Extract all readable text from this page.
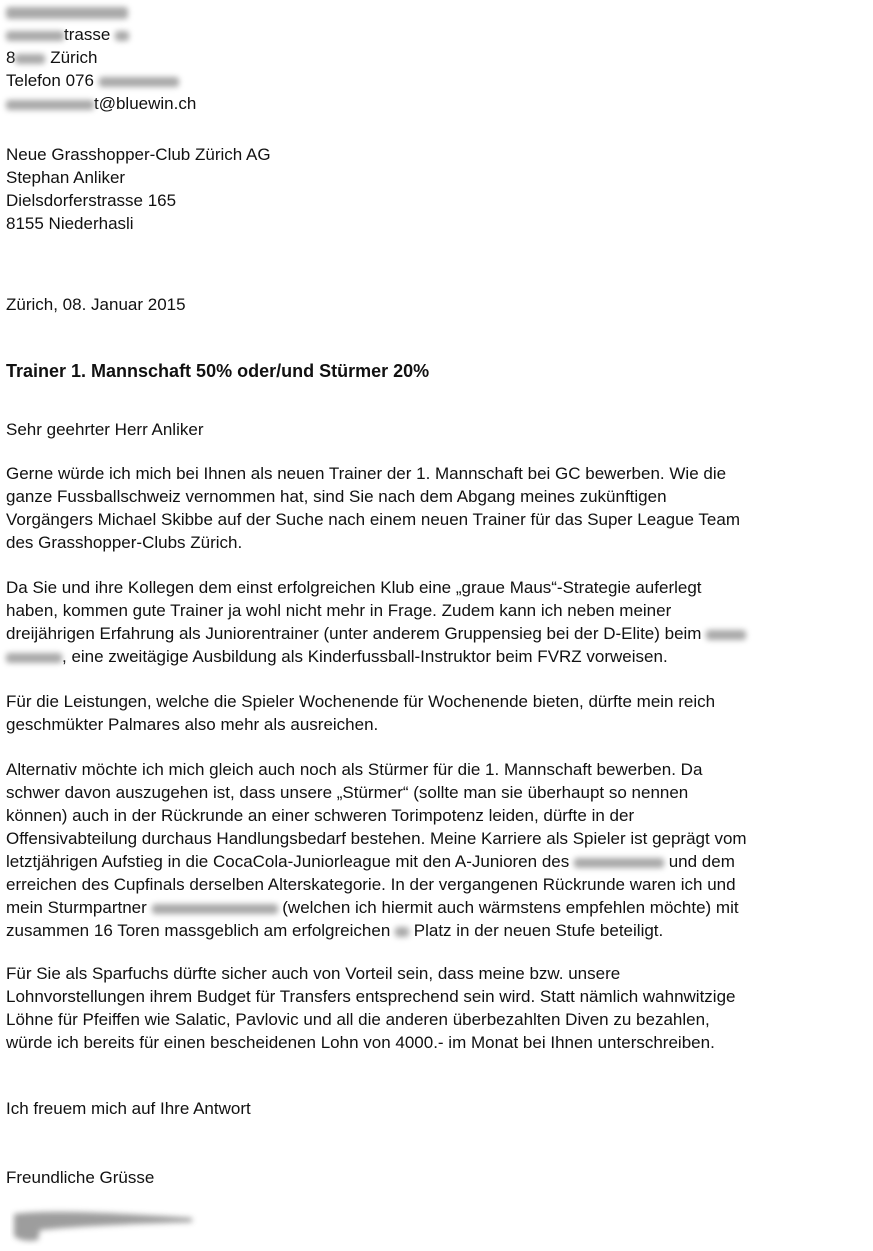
trasse
8 Zürich
Telefon 076
t@bluewin.ch
Neue Grasshopper-Club Zürich AG
Stephan Anliker
Dielsdorferstrasse 165
8155 Niederhasli
Zürich, 08. Januar 2015
Trainer 1. Mannschaft 50% oder/und Stürmer 20%
Sehr geehrter Herr Anliker
Gerne würde ich mich bei Ihnen als neuen Trainer der 1. Mannschaft bei GC bewerben. Wie die
ganze Fussballschweiz vernommen hat, sind Sie nach dem Abgang meines zukünftigen
Vorgängers Michael Skibbe auf der Suche nach einem neuen Trainer für das Super League Team
des Grasshopper-Clubs Zürich.
Da Sie und ihre Kollegen dem einst erfolgreichen Klub eine „graue Maus“-Strategie auferlegt
haben, kommen gute Trainer ja wohl nicht mehr in Frage. Zudem kann ich neben meiner
dreijährigen Erfahrung als Juniorentrainer (unter anderem Gruppensieg bei der D-Elite) beim
, eine zweitägige Ausbildung als Kinderfussball-Instruktor beim FVRZ vorweisen.
Für die Leistungen, welche die Spieler Wochenende für Wochenende bieten, dürfte mein reich
geschmükter Palmares also mehr als ausreichen.
Alternativ möchte ich mich gleich auch noch als Stürmer für die 1. Mannschaft bewerben. Da
schwer davon auszugehen ist, dass unsere „Stürmer“ (sollte man sie überhaupt so nennen
können) auch in der Rückrunde an einer schweren Torimpotenz leiden, dürfte in der
Offensivabteilung durchaus Handlungsbedarf bestehen. Meine Karriere als Spieler ist geprägt vom
letztjährigen Aufstieg in die CocaCola-Juniorleague mit den A-Junioren des	und dem
erreichen des Cupfinals derselben Alterskategorie. In der vergangenen Rückrunde waren ich und
mein Sturmpartner	(welchen ich hiermit auch wärmstens empfehlen möchte) mit
zusammen 16 Toren massgeblich am erfolgreichen Platz in der neuen Stufe beteiligt.
Für Sie als Sparfuchs dürfte sicher auch von Vorteil sein, dass meine bzw. unsere
Lohnvorstellungen ihrem Budget für Transfers entsprechend sein wird. Statt nämlich wahnwitzige
Löhne für Pfeiffen wie Salatic, Pavlovic und all die anderen überbezahlten Diven zu bezahlen,
würde ich bereits für einen bescheidenen Lohn von 4000.- im Monat bei Ihnen unterschreiben.
Ich freuem mich auf Ihre Antwort
Freundliche Grüsse
